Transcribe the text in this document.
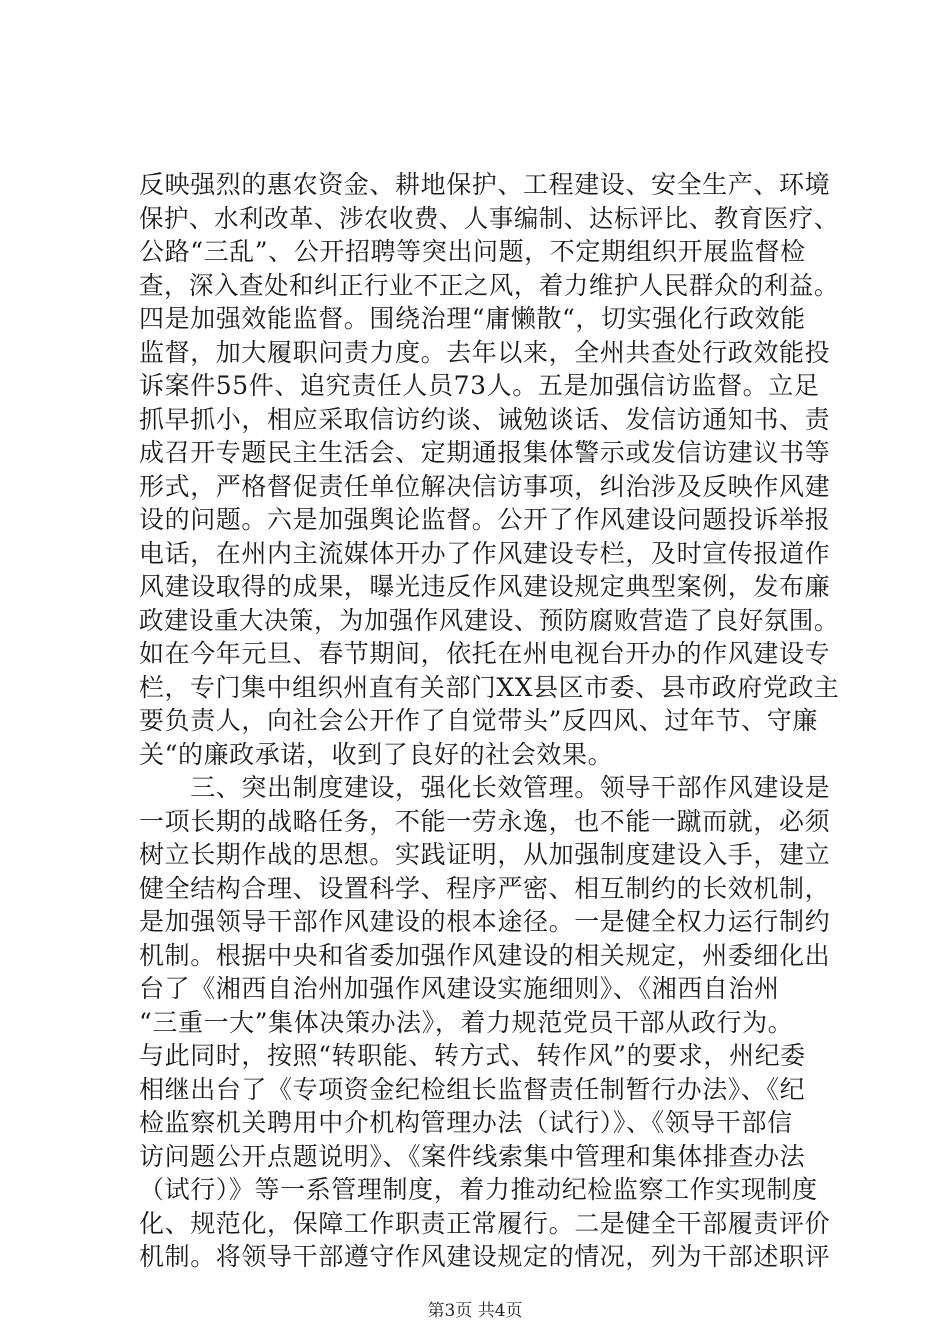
反映强烈的惠农资金、耕地保护、工程建设、安全生产、环境
保护、水利改革、涉农收费、人事编制、达标评比、教育医疗、
公路“三乱”、公开招聘等突出问题，不定期组织开展监督检
查，深入查处和纠正行业不正之风，着力维护人民群众的利益。
四是加强效能监督。围绕治理“庸懒散“，切实强化行政效能
监督，加大履职问责力度。去年以来，全州共查处行政效能投
诉案件55件、追究责任人员73人。五是加强信访监督。立足
抓早抓小，相应采取信访约谈、诫勉谈话、发信访通知书、责
成召开专题民主生活会、定期通报集体警示或发信访建议书等
形式，严格督促责任单位解决信访事项，纠治涉及反映作风建
设的问题。六是加强舆论监督。公开了作风建设问题投诉举报
电话，在州内主流媒体开办了作风建设专栏，及时宣传报道作
风建设取得的成果，曝光违反作风建设规定典型案例，发布廉
政建设重大决策，为加强作风建设、预防腐败营造了良好氛围。
如在今年元旦、春节期间，依托在州电视台开办的作风建设专
栏，专门集中组织州直有关部门XX县区市委、县市政府党政主
要负责人，向社会公开作了自觉带头”反四风、过年节、守廉
关“的廉政承诺，收到了良好的社会效果。
　　三、突出制度建设，强化长效管理。领导干部作风建设是
一项长期的战略任务，不能一劳永逸，也不能一蹴而就，必须
树立长期作战的思想。实践证明，从加强制度建设入手，建立
健全结构合理、设置科学、程序严密、相互制约的长效机制，
是加强领导干部作风建设的根本途径。一是健全权力运行制约
机制。根据中央和省委加强作风建设的相关规定，州委细化出
台了《湘西自治州加强作风建设实施细则》、《湘西自治州
“三重一大”集体决策办法》，着力规范党员干部从政行为。
与此同时，按照“转职能、转方式、转作风”的要求，州纪委
相继出台了《专项资金纪检组长监督责任制暂行办法》、《纪
检监察机关聘用中介机构管理办法（试行）》、《领导干部信
访问题公开点题说明》、《案件线索集中管理和集体排查办法
（试行）》等一系管理制度，着力推动纪检监察工作实现制度
化、规范化，保障工作职责正常履行。二是健全干部履责评价
机制。将领导干部遵守作风建设规定的情况，列为干部述职评
第3页 共4页
